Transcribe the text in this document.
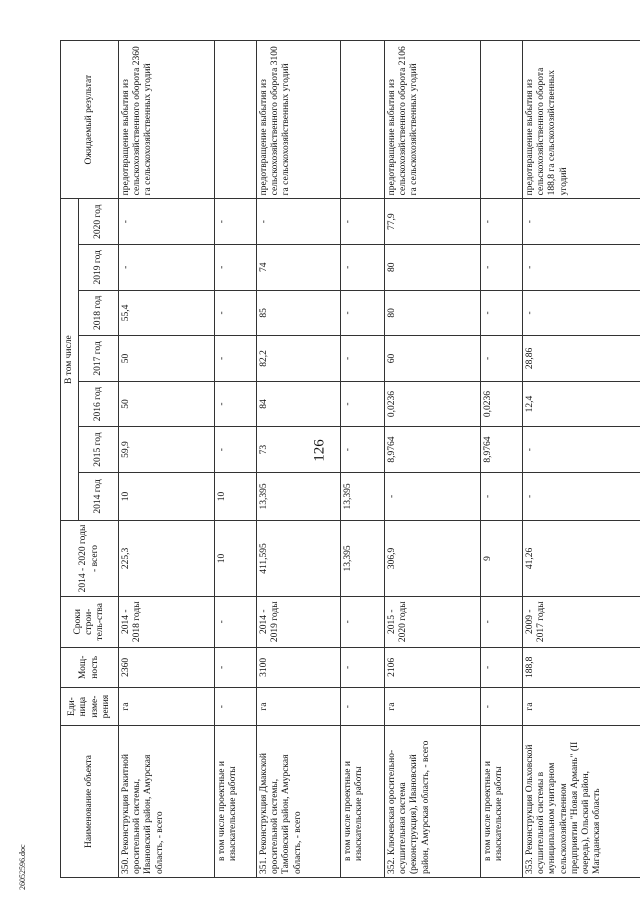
126
Наименование объекта	Еди-ница изме-рения	Мощ-ность	Сроки строи-тель-ства	2014 - 2020 годы - всего	В том числе							Ожидаемый результат
					2014 год	2015 год	2016 год	2017 год	2018 год	2019 год	2020 год	
350. Реконструкция Ракитной оросительной системы, Ивановский район, Амурская область, - всего	га	2360	2014 - 2018 годы	225,3	10	59,9	50	50	55,4	-	-	предотвращение выбытия из сельскохозяйственного оборота 2360 га сельскохозяйственных угодий
в том числе проектные и изыскательские работы	-	-	-	10	10	-	-	-	-	-	-	
351. Реконструкция Дмакской оросительной системы, Тамбовский район, Амурская область, - всего	га	3100	2014 - 2019 годы	411,595	13,395	73	84	82,2	85	74	-	предотвращение выбытия из сельскохозяйственного оборота 3100 га сельскохозяйственных угодий
в том числе проектные и изыскательские работы	-	-	-	13,395	13,395	-	-	-	-	-	-	
352. Ключевская оросительно-осушительная система (реконструкция), Ивановский район, Амурская область, - всего	га	2106	2015 - 2020 годы	306,9	-	8,9764	0,0236	60	80	80	77,9	предотвращение выбытия из сельскохозяйственного оборота 2106 га сельскохозяйственных угодий
в том числе проектные и изыскательские работы	-	-	-	9	-	8,9764	0,0236	-	-	-	-	
353. Реконструкция Ольховской осушительной системы в муниципальном унитарном сельскохозяйственном предприятии "Новая Армань" (II очередь), Ольский район, Магаданская область	га	188,8	2009 - 2017 годы	41,26	-	-	12,4	28,86	-	-	-	предотвращение выбытия из сельскохозяйственного оборота 188,8 га сельскохозяйственных угодий
26052596.doc
